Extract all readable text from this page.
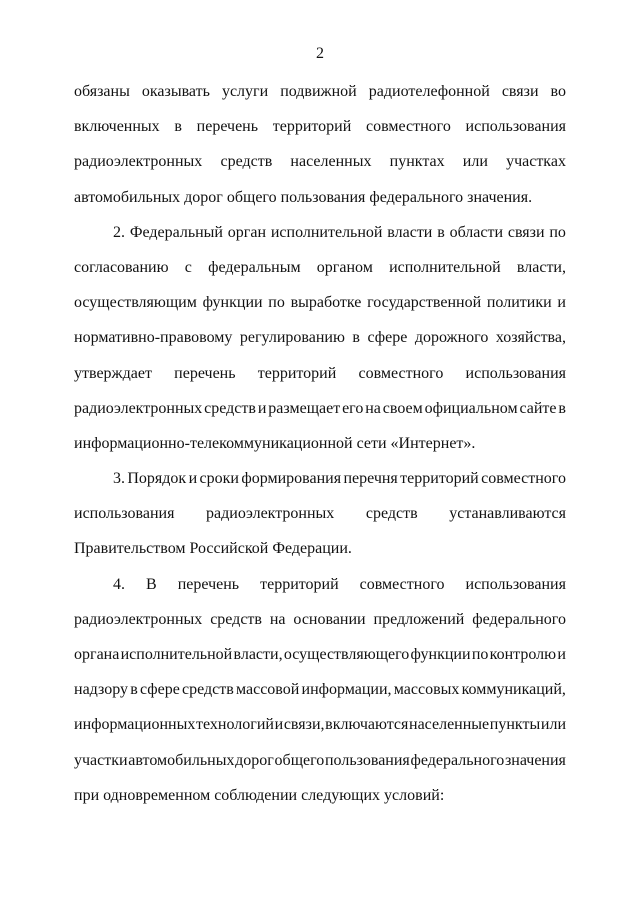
2
обязаны оказывать услуги подвижной радиотелефонной связи во
включенных в перечень территорий совместного использования
радиоэлектронных средств населенных пунктах или участках
автомобильных дорог общего пользования федерального значения.
2. Федеральный орган исполнительной власти в области связи по
согласованию с федеральным органом исполнительной власти,
осуществляющим функции по выработке государственной политики и
нормативно-правовому регулированию в сфере дорожного хозяйства,
утверждает перечень территорий совместного использования
радиоэлектронных средств и размещает его на своем официальном сайте в
информационно-телекоммуникационной сети «Интернет».
3. Порядок и сроки формирования перечня территорий совместного
использования радиоэлектронных средств устанавливаются
Правительством Российской Федерации.
4. В перечень территорий совместного использования
радиоэлектронных средств на основании предложений федерального
органа исполнительной власти, осуществляющего функции по контролю и
надзору в сфере средств массовой информации, массовых коммуникаций,
информационных технологий и связи, включаются населенные пункты или
участки автомобильных дорог общего пользования федерального значения
при одновременном соблюдении следующих условий:
